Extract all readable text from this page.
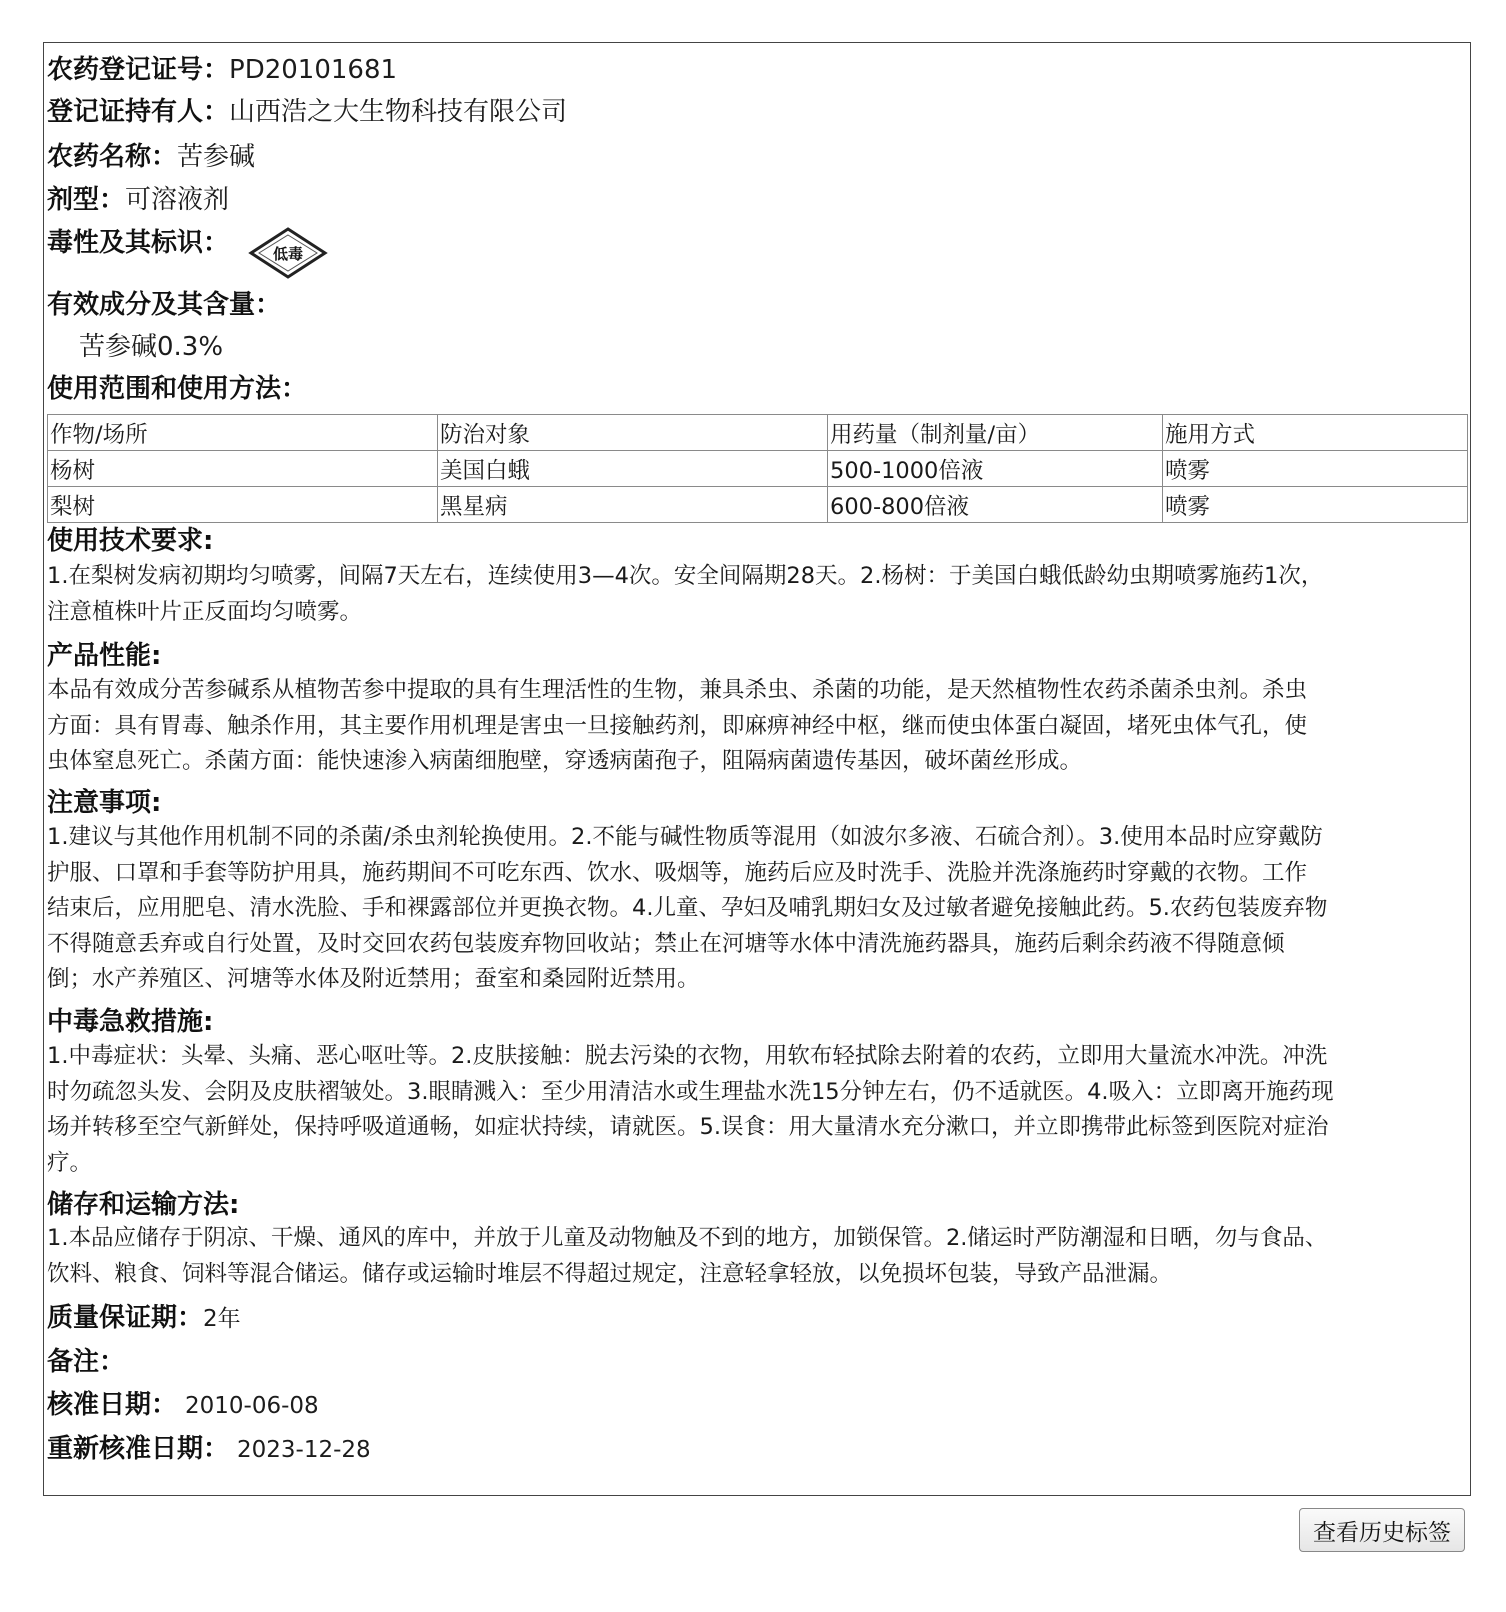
农药登记证号：PD20101681

登记证持有人：山西浩之大生物科技有限公司

农药名称：苦参碱

剂型：可溶液剂

毒性及其标识：	低毒

有效成分及其含量：

苦参碱0.3%

使用范围和使用方法：

作物/场所	防治对象	用药量（制剂量/亩）	施用方式
杨树	美国白蛾	500-1000倍液	喷雾
梨树	黑星病	600-800倍液	喷雾

使用技术要求:

1.在梨树发病初期均匀喷雾，间隔7天左右，连续使用3—4次。安全间隔期28天。2.杨树：于美国白蛾低龄幼虫期喷雾施药1次，
注意植株叶片正反面均匀喷雾。

产品性能:

本品有效成分苦参碱系从植物苦参中提取的具有生理活性的生物，兼具杀虫、杀菌的功能，是天然植物性农药杀菌杀虫剂。杀虫
方面：具有胃毒、触杀作用，其主要作用机理是害虫一旦接触药剂，即麻痹神经中枢，继而使虫体蛋白凝固，堵死虫体气孔，使
虫体窒息死亡。杀菌方面：能快速渗入病菌细胞壁，穿透病菌孢子，阻隔病菌遗传基因，破坏菌丝形成。

注意事项:

1.建议与其他作用机制不同的杀菌/杀虫剂轮换使用。2.不能与碱性物质等混用（如波尔多液、石硫合剂）。3.使用本品时应穿戴防
护服、口罩和手套等防护用具，施药期间不可吃东西、饮水、吸烟等，施药后应及时洗手、洗脸并洗涤施药时穿戴的衣物。工作
结束后，应用肥皂、清水洗脸、手和裸露部位并更换衣物。4.儿童、孕妇及哺乳期妇女及过敏者避免接触此药。5.农药包装废弃物
不得随意丢弃或自行处置，及时交回农药包装废弃物回收站；禁止在河塘等水体中清洗施药器具，施药后剩余药液不得随意倾
倒；水产养殖区、河塘等水体及附近禁用；蚕室和桑园附近禁用。

中毒急救措施:

1.中毒症状：头晕、头痛、恶心呕吐等。2.皮肤接触：脱去污染的衣物，用软布轻拭除去附着的农药，立即用大量流水冲洗。冲洗
时勿疏忽头发、会阴及皮肤褶皱处。3.眼睛溅入：至少用清洁水或生理盐水洗15分钟左右，仍不适就医。4.吸入：立即离开施药现
场并转移至空气新鲜处，保持呼吸道通畅，如症状持续，请就医。5.误食：用大量清水充分漱口，并立即携带此标签到医院对症治
疗。

储存和运输方法:

1.本品应储存于阴凉、干燥、通风的库中，并放于儿童及动物触及不到的地方，加锁保管。2.储运时严防潮湿和日晒，勿与食品、
饮料、粮食、饲料等混合储运。储存或运输时堆层不得超过规定，注意轻拿轻放，以免损坏包装，导致产品泄漏。

质量保证期：2年

备注：

核准日期： 2010-06-08

重新核准日期： 2023-12-28

查看历史标签
